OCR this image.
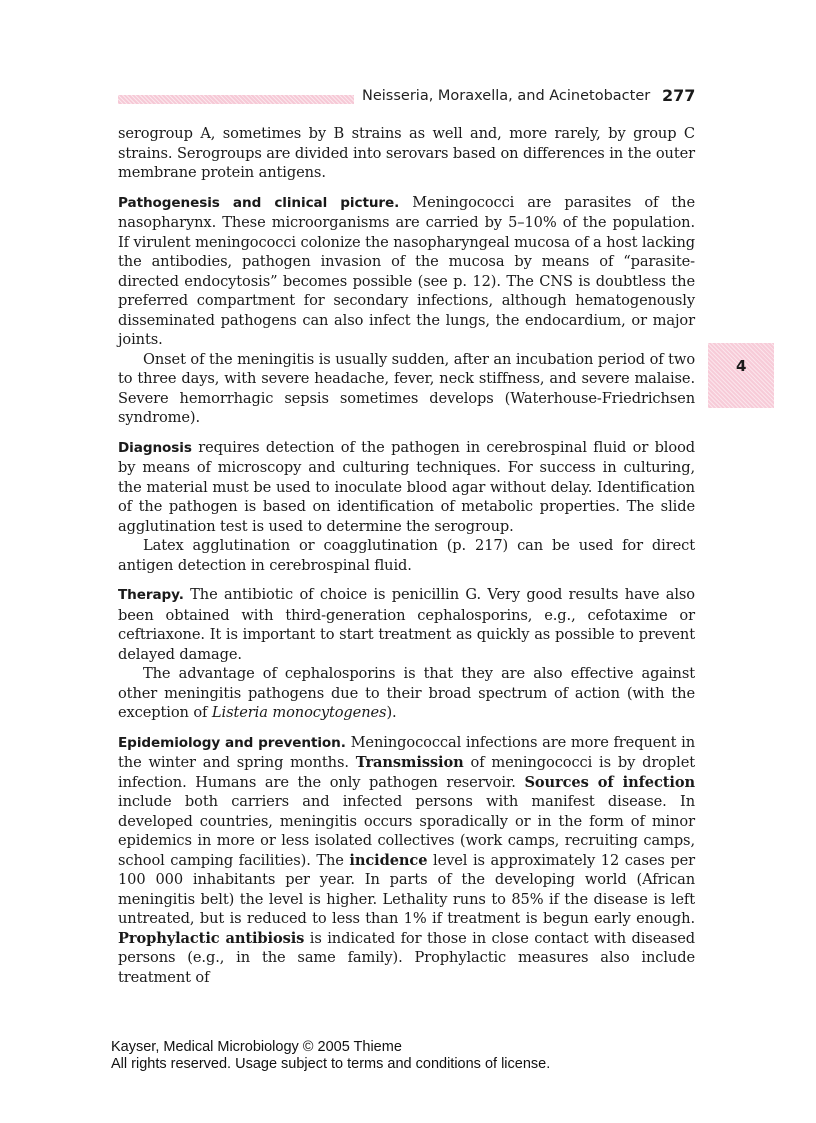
Neisseria, Moraxella, and Acinetobacter 277
4

serogroup A, sometimes by B strains as well and, more rarely, by group C strains. Serogroups are divided into serovars based on differences in the outer membrane protein antigens.

Pathogenesis and clinical picture. Meningococci are parasites of the nasopharynx. These microorganisms are carried by 5–10% of the population. If virulent meningococci colonize the nasopharyngeal mucosa of a host lacking the antibodies, pathogen invasion of the mucosa by means of “parasite-directed endocytosis” becomes possible (see p. 12). The CNS is doubtless the preferred compartment for secondary infections, although hematogenously disseminated pathogens can also infect the lungs, the endocardium, or major joints.

Onset of the meningitis is usually sudden, after an incubation period of two to three days, with severe headache, fever, neck stiffness, and severe malaise. Severe hemorrhagic sepsis sometimes develops (Waterhouse-Friedrichsen syndrome).

Diagnosis requires detection of the pathogen in cerebrospinal fluid or blood by means of microscopy and culturing techniques. For success in culturing, the material must be used to inoculate blood agar without delay. Identification of the pathogen is based on identification of metabolic properties. The slide agglutination test is used to determine the serogroup.

Latex agglutination or coagglutination (p. 217) can be used for direct antigen detection in cerebrospinal fluid.

Therapy. The antibiotic of choice is penicillin G. Very good results have also been obtained with third-generation cephalosporins, e.g., cefotaxime or ceftriaxone. It is important to start treatment as quickly as possible to prevent delayed damage.

The advantage of cephalosporins is that they are also effective against other meningitis pathogens due to their broad spectrum of action (with the exception of Listeria monocytogenes).

Epidemiology and prevention. Meningococcal infections are more frequent in the winter and spring months. Transmission of meningococci is by droplet infection. Humans are the only pathogen reservoir. Sources of infection include both carriers and infected persons with manifest disease. In developed countries, meningitis occurs sporadically or in the form of minor epidemics in more or less isolated collectives (work camps, recruiting camps, school camping facilities). The incidence level is approximately 12 cases per 100 000 inhabitants per year. In parts of the developing world (African meningitis belt) the level is higher. Lethality runs to 85% if the disease is left untreated, but is reduced to less than 1% if treatment is begun early enough. Prophylactic antibiosis is indicated for those in close contact with diseased persons (e.g., in the same family). Prophylactic measures also include treatment of

Kayser, Medical Microbiology © 2005 Thieme
All rights reserved. Usage subject to terms and conditions of license.
